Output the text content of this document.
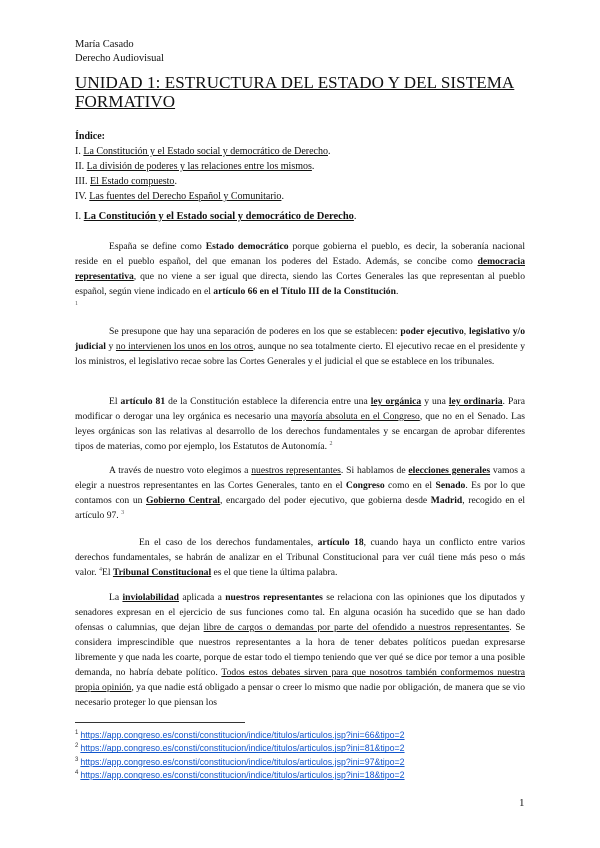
María Casado
Derecho Audiovisual
UNIDAD 1: ESTRUCTURA DEL ESTADO Y DEL SISTEMA FORMATIVO
Índice:
I. La Constitución y el Estado social y democrático de Derecho.
II. La división de poderes y las relaciones entre los mismos.
III. El Estado compuesto.
IV. Las fuentes del Derecho Español y Comunitario.
I. La Constitución y el Estado social y democrático de Derecho.

España se define como Estado democrático porque gobierna el pueblo, es decir, la soberanía nacional reside en el pueblo español, del que emanan los poderes del Estado. Además, se concibe como democracia representativa, que no viene a ser igual que directa, siendo las Cortes Generales las que representan al pueblo español, según viene indicado en el artículo 66 en el Título III de la Constitución.
$^1$

Se presupone que hay una separación de poderes en los que se establecen: poder ejecutivo, legislativo y/o judicial y no intervienen los unos en los otros, aunque no sea totalmente cierto. El ejecutivo recae en el presidente y los ministros, el legislativo recae sobre las Cortes Generales y el judicial el que se establece en los tribunales.

El artículo 81 de la Constitución establece la diferencia entre una ley orgánica y una ley ordinaria. Para modificar o derogar una ley orgánica es necesario una mayoría absoluta en el Congreso, que no en el Senado. Las leyes orgánicas son las relativas al desarrollo de los derechos fundamentales y se encargan de aprobar diferentes tipos de materias, como por ejemplo, los Estatutos de Autonomía. $^2$

A través de nuestro voto elegimos a nuestros representantes. Si hablamos de elecciones generales vamos a elegir a nuestros representantes en las Cortes Generales, tanto en el Congreso como en el Senado. Es por lo que contamos con un Gobierno Central, encargado del poder ejecutivo, que gobierna desde Madrid, recogido en el artículo 97. $^3$

En el caso de los derechos fundamentales, artículo 18, cuando haya un conflicto entre varios derechos fundamentales, se habrán de analizar en el Tribunal Constitucional para ver cuál tiene más peso o más valor. $^4$El Tribunal Constitucional es el que tiene la última palabra.

La inviolabilidad aplicada a nuestros representantes se relaciona con las opiniones que los diputados y senadores expresan en el ejercicio de sus funciones como tal. En alguna ocasión ha sucedido que se han dado ofensas o calumnias, que dejan libre de cargos o demandas por parte del ofendido a nuestros representantes. Se considera imprescindible que nuestros representantes a la hora de tener debates políticos puedan expresarse libremente y que nada les coarte, porque de estar todo el tiempo teniendo que ver qué se dice por temor a una posible demanda, no habría debate político. Todos estos debates sirven para que nosotros también conformemos nuestra propia opinión, ya que nadie está obligado a pensar o creer lo mismo que nadie por obligación, de manera que se vio necesario proteger lo que piensan los

$^1$ https://app.congreso.es/consti/constitucion/indice/titulos/articulos.jsp?ini=66&tipo=2
$^2$ https://app.congreso.es/consti/constitucion/indice/titulos/articulos.jsp?ini=81&tipo=2
$^3$ https://app.congreso.es/consti/constitucion/indice/titulos/articulos.jsp?ini=97&tipo=2
$^4$ https://app.congreso.es/consti/constitucion/indice/titulos/articulos.jsp?ini=18&tipo=2
1
